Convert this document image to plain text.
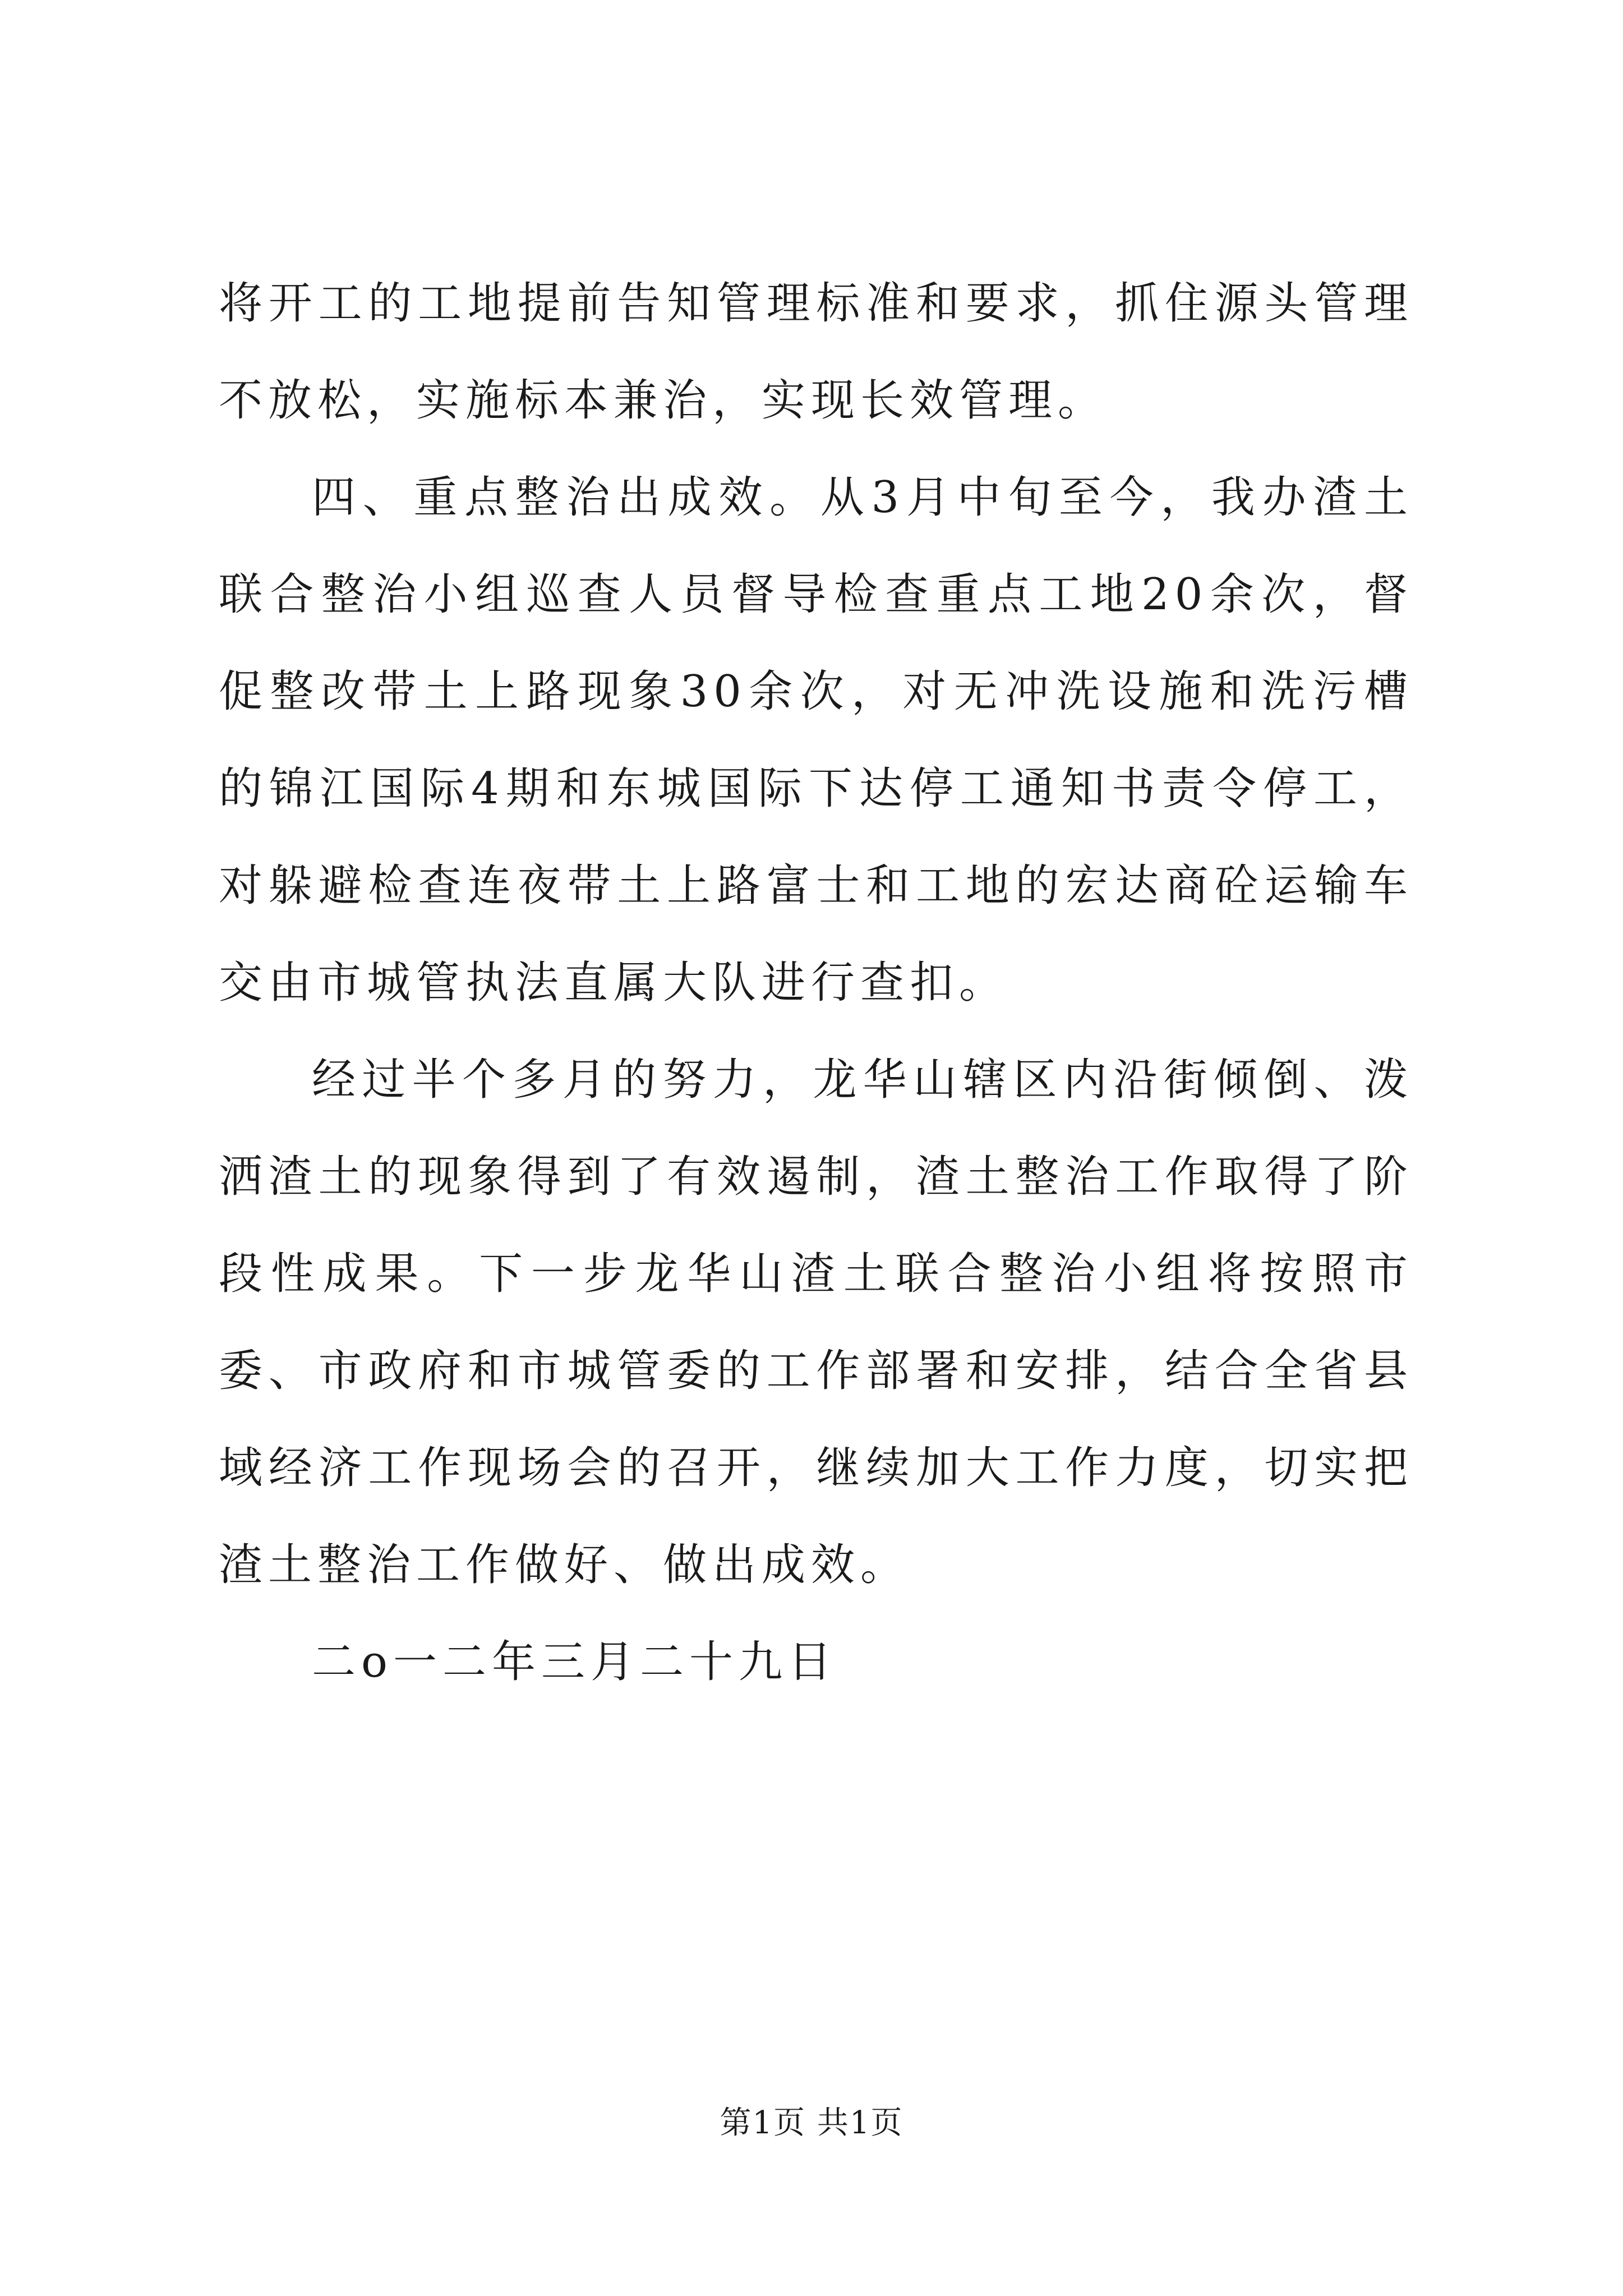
将开工的工地提前告知管理标准和要求，抓住源头管理不放松，实施标本兼治，实现长效管理。

四、重点整治出成效。从3月中旬至今，我办渣土联合整治小组巡查人员督导检查重点工地20余次，督促整改带土上路现象30余次，对无冲洗设施和洗污槽的锦江国际4期和东城国际下达停工通知书责令停工，对躲避检查连夜带土上路富士和工地的宏达商砼运输车交由市城管执法直属大队进行查扣。

经过半个多月的努力，龙华山辖区内沿街倾倒、泼洒渣土的现象得到了有效遏制，渣土整治工作取得了阶段性成果。下一步龙华山渣土联合整治小组将按照市委、市政府和市城管委的工作部署和安排，结合全省县域经济工作现场会的召开，继续加大工作力度，切实把渣土整治工作做好、做出成效。

二o一二年三月二十九日

第1页 共1页
